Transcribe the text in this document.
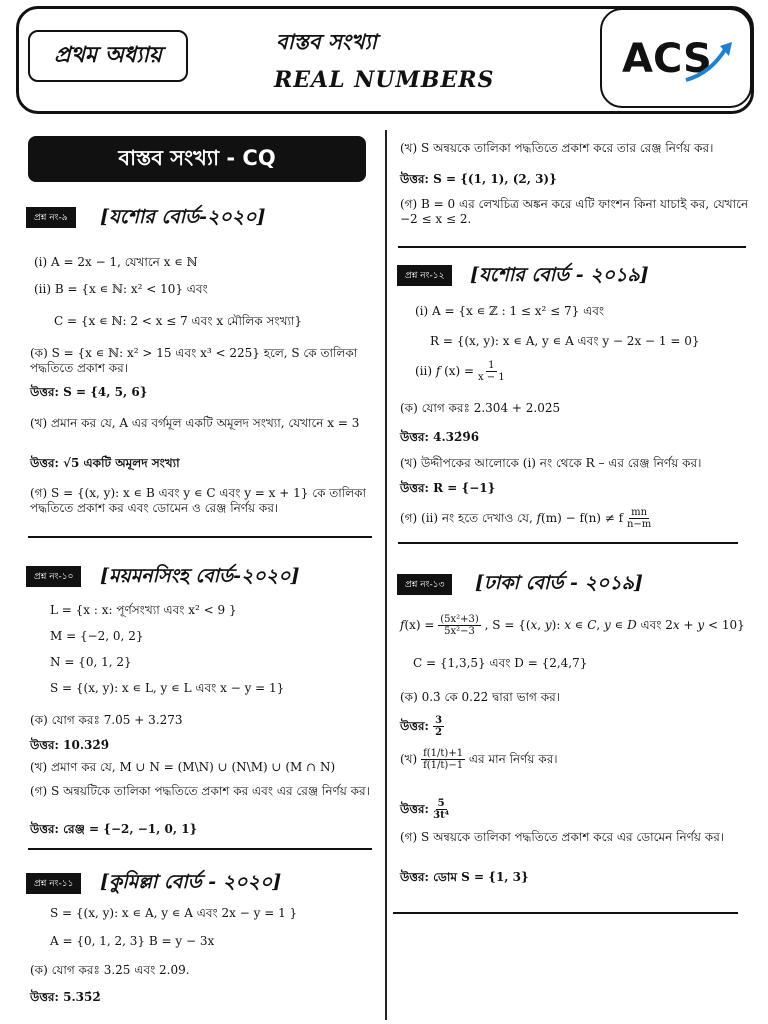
প্রথম অধ্যায়	বাস্তব সংখ্যা
REAL NUMBERS	ACS
বাস্তব সংখ্যা - CQ
প্রশ্ন নং-৯	[যশোর বোর্ড-২০২০]
(i) A = 2x − 1, যেখানে x ∊ ℕ
(ii) B = {x ∊ ℕ: x² < 10} এবং
C = {x ∊ ℕ: 2 < x ≤ 7 এবং x মৌলিক সংখ্যা}
(ক) S = {x ∊ ℕ: x² > 15 এবং x³ < 225} হলে, S কে তালিকা পদ্ধতিতে প্রকাশ কর।
উত্তর: S = {4, 5, 6}
(খ) প্রমান কর যে, A এর বর্গমূল একটি অমূলদ সংখ্যা, যেখানে x = 3
উত্তর: √5 একটি অমূলদ সংখ্যা
(গ) S = {(x, y): x ∊ B এবং y ∊ C এবং y = x + 1} কে তালিকা পদ্ধতিতে প্রকাশ কর এবং ডোমেন ও রেঞ্জ নির্ণয় কর।
প্রশ্ন নং-১০	[ময়মনসিংহ বোর্ড-২০২০]
L = {x : x: পূর্ণসংখ্যা এবং x² < 9 }
M = {−2, 0, 2}
N = {0, 1, 2}
S = {(x, y): x ∊ L, y ∊ L এবং x − y = 1}
(ক) যোগ করঃ 7.0̇5̇ + 3.2̇73̇
উত্তর: 10.32̇9̇
(খ) প্রমাণ কর যে, M ∪ N = (M\N) ∪ (N\M) ∪ (M ∩ N)
(গ) S অন্বয়টিকে তালিকা পদ্ধতিতে প্রকাশ কর এবং এর রেঞ্জ নির্ণয় কর।
উত্তর: রেঞ্জ = {−2, −1, 0, 1}
প্রশ্ন নং-১১	[কুমিল্লা বোর্ড - ২০২০]
S = {(x, y): x ∊ A, y ∊ A এবং 2x − y = 1 }
A = {0, 1, 2, 3} B = y − 3x
(ক) যোগ করঃ 3.2̇5̇ এবং 2.0̇9̇.
উত্তর: 5.35̇2̇
(খ) S অন্বয়কে তালিকা পদ্ধতিতে প্রকাশ করে তার রেঞ্জ নির্ণয় কর।
উত্তর: S = {(1, 1), (2, 3)}
(গ) B = 0 এর লেখচিত্র অঙ্কন করে এটি ফাংশন কিনা যাচাই কর, যেখানে −2 ≤ x ≤ 2.
প্রশ্ন নং-১২	[যশোর বোর্ড - ২০১৯]
(i) A = {x ∊ ℤ : 1 ≤ x² ≤ 7} এবং
R = {(x, y): x ∊ A, y ∊ A এবং y − 2x − 1 = 0}
(ii) 𝑓 $(x) = \frac{1}{x - 1}$
(ক) যোগ করঃ 2.30̇4̇ + 2.02̇5̇
উত্তর: 4.32̇9̇6̇
(খ) উদ্দীপকের আলোকে (i) নং থেকে R – এর রেঞ্জ নির্ণয় কর।
উত্তর: R = {−1}
(গ) (ii) নং হতে দেখাও যে, 𝑓(m) − f(n) ≠ f $\frac{mn}{n-m}$
প্রশ্ন নং-১৩	[ঢাকা বোর্ড - ২০১৯]
𝑓(x) = $\frac{\text{(5x²+3)}}{\text{5x²−3}}$ , S = {(𝑥, 𝑦): 𝑥 ∊ 𝐶, 𝑦 ∊ 𝐷 এবং 2𝑥 + 𝑦 < 10}
C = {1,3,5} এবং D = {2,4,7}
(ক) 0.3̇ কে 0.22̇ দ্বারা ভাগ কর।
উত্তর: $\frac{3}{2}$
(খ) $\frac{f(1/t)+1}{f(1/t)-1}$ এর মান নির্ণয় কর।
উত্তর: $\frac{5}{\text{3t⁴}}$
(গ) S অন্বয়কে তালিকা পদ্ধতিতে প্রকাশ করে এর ডোমেন নির্ণয় কর।
উত্তর: ডোম S = {1, 3}
